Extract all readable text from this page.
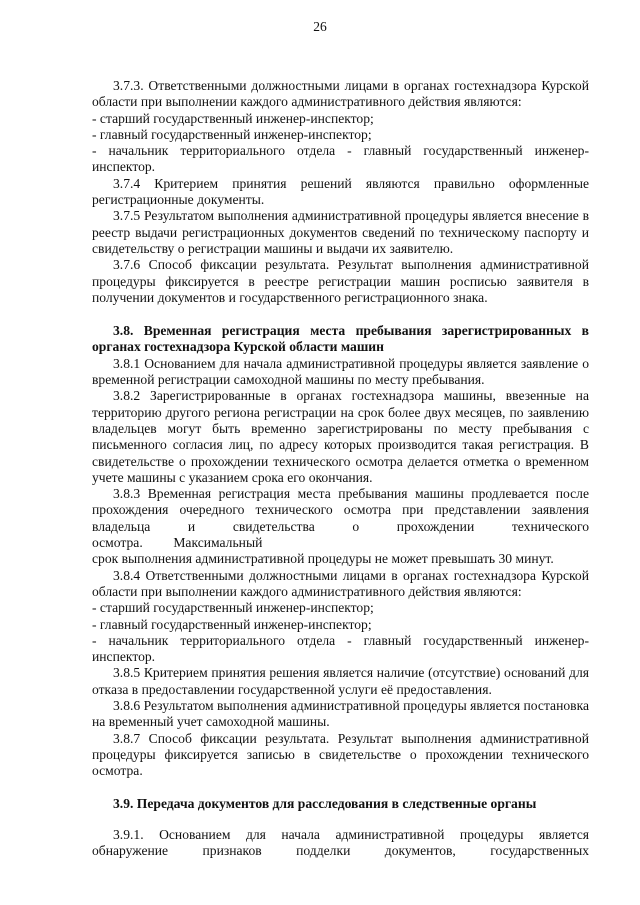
26

3.7.3. Ответственными должностными лицами в органах гостехнадзора Курской области при выполнении каждого административного действия являются:

- старший государственный инженер-инспектор;

- главный государственный инженер-инспектор;

- начальник территориального отдела - главный государственный инженер-инспектор.

3.7.4 Критерием принятия решений являются правильно оформленные регистрационные документы.

3.7.5 Результатом выполнения административной процедуры является внесение в реестр выдачи регистрационных документов сведений по техническому паспорту и свидетельству о регистрации машины и выдачи их заявителю.

3.7.6 Способ фиксации результата. Результат выполнения административной процедуры фиксируется в реестре регистрации машин росписью заявителя в получении документов и государственного регистрационного знака.

3.8. Временная регистрация места пребывания зарегистрированных в органах гостехнадзора Курской области машин

3.8.1 Основанием для начала административной процедуры является заявление о временной регистрации самоходной машины по месту пребывания.

3.8.2 Зарегистрированные в органах гостехнадзора машины, ввезенные на территорию другого региона регистрации на срок более двух месяцев, по заявлению владельцев могут быть временно зарегистрированы по месту пребывания с письменного согласия лиц, по адресу которых производится такая регистрация. В свидетельстве о прохождении технического осмотра делается отметка о временном учете машины с указанием срока его окончания.

3.8.3 Временная регистрация места пребывания машины продлевается после прохождения очередного технического осмотра при представлении заявления владельца и свидетельства о прохождении технического осмотра. Максимальный

срок выполнения административной процедуры не может превышать 30 минут.

3.8.4 Ответственными должностными лицами в органах гостехнадзора Курской области при выполнении каждого административного действия являются:

- старший государственный инженер-инспектор;

- главный государственный инженер-инспектор;

- начальник территориального отдела - главный государственный инженер-инспектор.

3.8.5 Критерием принятия решения является наличие (отсутствие) оснований для отказа в предоставлении государственной услуги её предоставления.

3.8.6 Результатом выполнения административной процедуры является постановка на временный учет самоходной машины.

3.8.7 Способ фиксации результата. Результат выполнения административной процедуры фиксируется записью в свидетельстве о прохождении технического осмотра.

3.9. Передача документов для расследования в следственные органы

3.9.1. Основанием для начала административной процедуры является обнаружение признаков подделки документов, государственных
